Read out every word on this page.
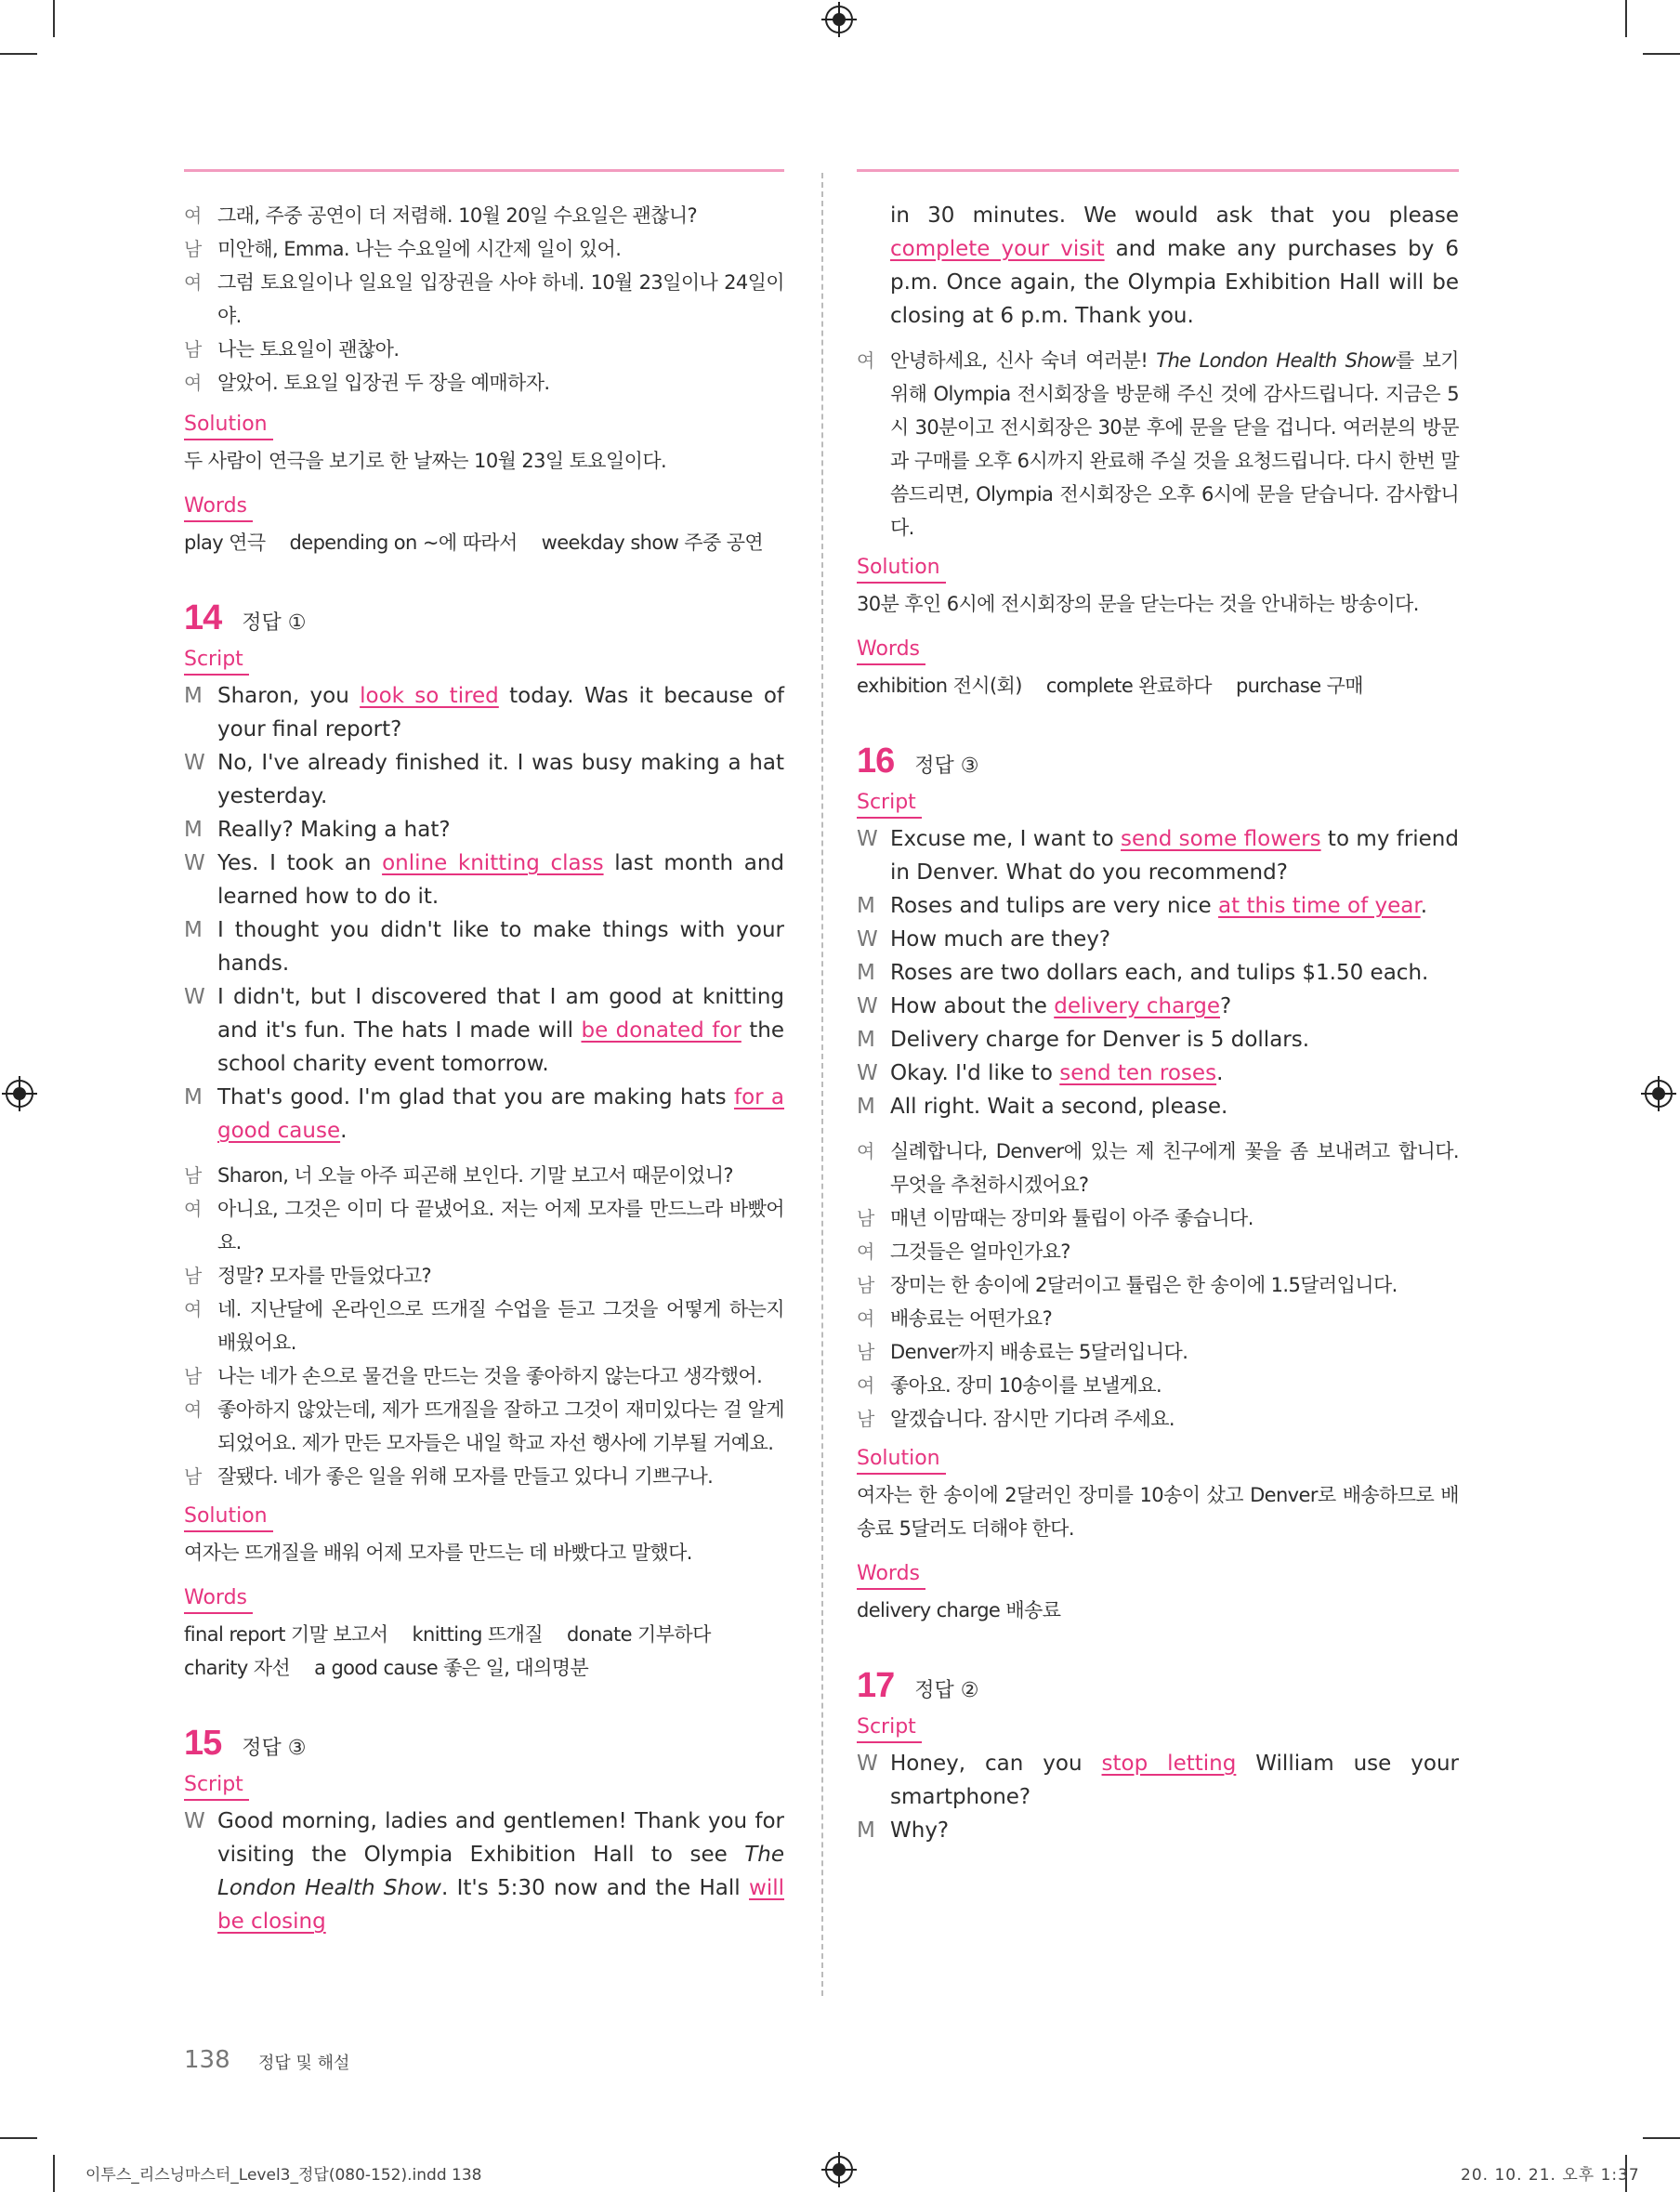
여 그래, 주중 공연이 더 저렴해. 10월 20일 수요일은 괜찮니?
남 미안해, Emma. 나는 수요일에 시간제 일이 있어.
여 그럼 토요일이나 일요일 입장권을 사야 하네. 10월 23일이나 24일이야.
남 나는 토요일이 괜찮아.
여 알았어. 토요일 입장권 두 장을 예매하자.
Solution
두 사람이 연극을 보기로 한 날짜는 10월 23일 토요일이다.
Words
play 연극 depending on ~에 따라서 weekday show 주중 공연
14 정답 ①
Script
M Sharon, you look so tired today. Was it because of your final report?
W No, I've already finished it. I was busy making a hat yesterday.
M Really? Making a hat?
W Yes. I took an online knitting class last month and learned how to do it.
M I thought you didn't like to make things with your hands.
W I didn't, but I discovered that I am good at knitting and it's fun. The hats I made will be donated for the school charity event tomorrow.
M That's good. I'm glad that you are making hats for a good cause.
남 Sharon, 너 오늘 아주 피곤해 보인다. 기말 보고서 때문이었니?
여 아니요, 그것은 이미 다 끝냈어요. 저는 어제 모자를 만드느라 바빴어요.
남 정말? 모자를 만들었다고?
여 네. 지난달에 온라인으로 뜨개질 수업을 듣고 그것을 어떻게 하는지 배웠어요.
남 나는 네가 손으로 물건을 만드는 것을 좋아하지 않는다고 생각했어.
여 좋아하지 않았는데, 제가 뜨개질을 잘하고 그것이 재미있다는 걸 알게 되었어요. 제가 만든 모자들은 내일 학교 자선 행사에 기부될 거예요.
남 잘됐다. 네가 좋은 일을 위해 모자를 만들고 있다니 기쁘구나.
Solution
여자는 뜨개질을 배워 어제 모자를 만드는 데 바빴다고 말했다.
Words
final report 기말 보고서 knitting 뜨개질 donate 기부하다
charity 자선 a good cause 좋은 일, 대의명분
15 정답 ③
Script
W Good morning, ladies and gentlemen! Thank you for visiting the Olympia Exhibition Hall to see The London Health Show. It's 5:30 now and the Hall will be closing
in 30 minutes. We would ask that you please complete your visit and make any purchases by 6 p.m. Once again, the Olympia Exhibition Hall will be closing at 6 p.m. Thank you.
여 안녕하세요, 신사 숙녀 여러분! The London Health Show를 보기 위해 Olympia 전시회장을 방문해 주신 것에 감사드립니다. 지금은 5시 30분이고 전시회장은 30분 후에 문을 닫을 겁니다. 여러분의 방문과 구매를 오후 6시까지 완료해 주실 것을 요청드립니다. 다시 한번 말씀드리면, Olympia 전시회장은 오후 6시에 문을 닫습니다. 감사합니다.
Solution
30분 후인 6시에 전시회장의 문을 닫는다는 것을 안내하는 방송이다.
Words
exhibition 전시(회) complete 완료하다 purchase 구매
16 정답 ③
Script
W Excuse me, I want to send some flowers to my friend in Denver. What do you recommend?
M Roses and tulips are very nice at this time of year.
W How much are they?
M Roses are two dollars each, and tulips $1.50 each.
W How about the delivery charge?
M Delivery charge for Denver is 5 dollars.
W Okay. I'd like to send ten roses.
M All right. Wait a second, please.
여 실례합니다, Denver에 있는 제 친구에게 꽃을 좀 보내려고 합니다. 무엇을 추천하시겠어요?
남 매년 이맘때는 장미와 튤립이 아주 좋습니다.
여 그것들은 얼마인가요?
남 장미는 한 송이에 2달러이고 튤립은 한 송이에 1.5달러입니다.
여 배송료는 어떤가요?
남 Denver까지 배송료는 5달러입니다.
여 좋아요. 장미 10송이를 보낼게요.
남 알겠습니다. 잠시만 기다려 주세요.
Solution
여자는 한 송이에 2달러인 장미를 10송이 샀고 Denver로 배송하므로 배송료 5달러도 더해야 한다.
Words
delivery charge 배송료
17 정답 ②
Script
W Honey, can you stop letting William use your smartphone?
M Why?
138 정답 및 해설
이투스_리스닝마스터_Level3_정답(080-152).indd 138	20. 10. 21. 오후 1:37
